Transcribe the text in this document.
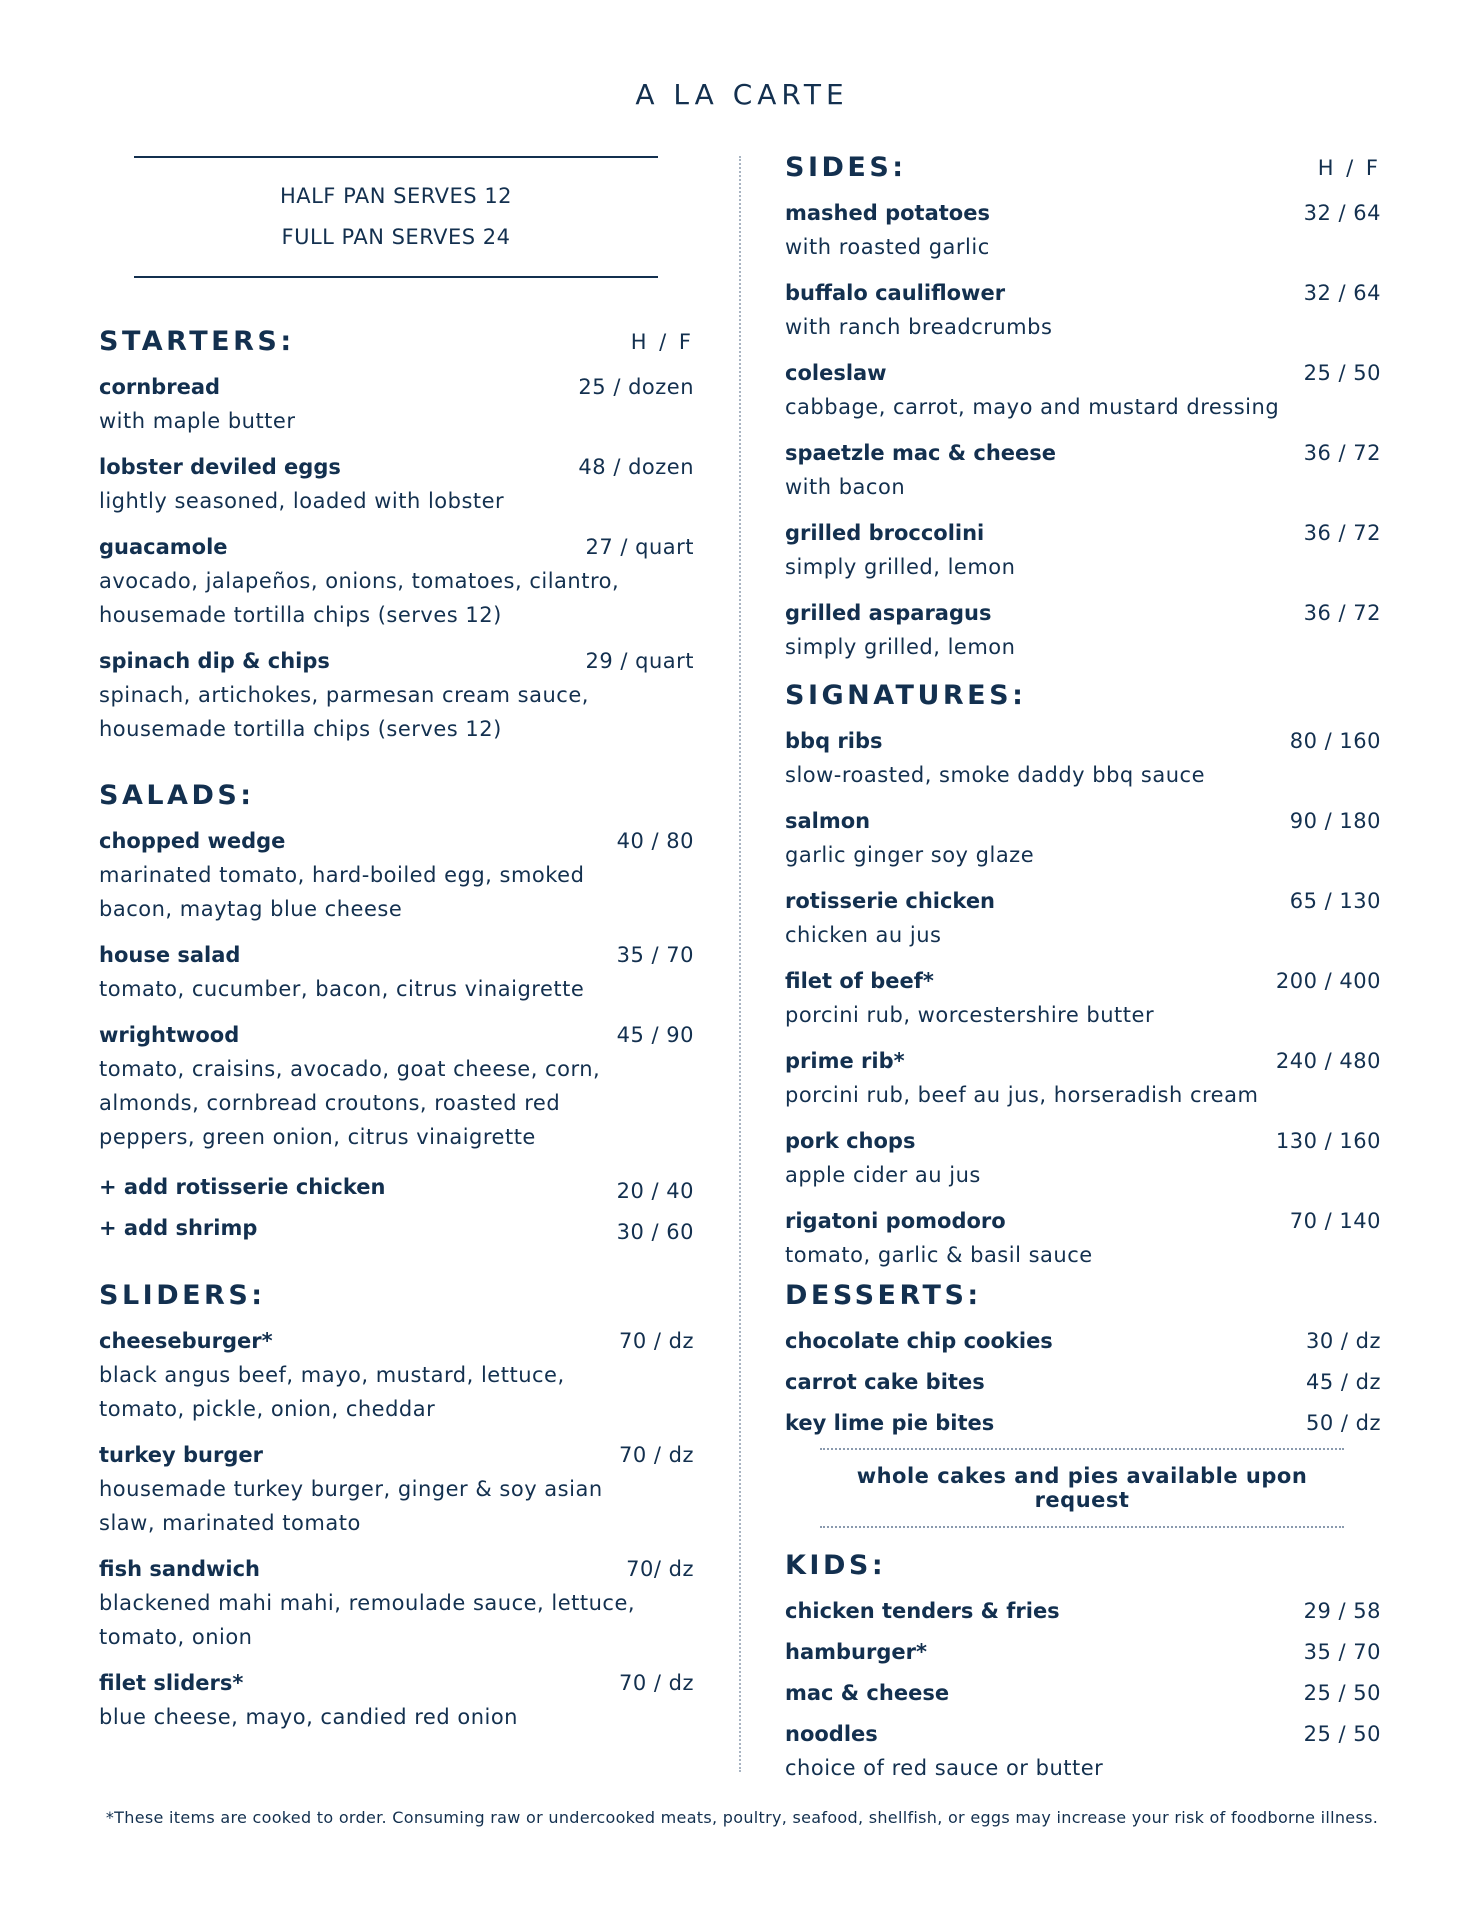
A LA CARTE
HALF PAN SERVES 12
FULL PAN SERVES 24
STARTERS:	H / F
cornbread	25 / dozen
with maple butter
lobster deviled eggs	48 / dozen
lightly seasoned, loaded with lobster
guacamole	27 / quart
avocado, jalapeños, onions, tomatoes, cilantro,
housemade tortilla chips (serves 12)
spinach dip & chips	29 / quart
spinach, artichokes, parmesan cream sauce,
housemade tortilla chips (serves 12)
SALADS:
chopped wedge	40 / 80
marinated tomato, hard-boiled egg, smoked
bacon, maytag blue cheese
house salad	35 / 70
tomato, cucumber, bacon, citrus vinaigrette
wrightwood	45 / 90
tomato, craisins, avocado, goat cheese, corn,
almonds, cornbread croutons, roasted red
peppers, green onion, citrus vinaigrette
+ add rotisserie chicken	20 / 40
+ add shrimp	30 / 60
SLIDERS:
cheeseburger*	70 / dz
black angus beef, mayo, mustard, lettuce,
tomato, pickle, onion, cheddar
turkey burger	70 / dz
housemade turkey burger, ginger & soy asian
slaw, marinated tomato
fish sandwich	70/ dz
blackened mahi mahi, remoulade sauce, lettuce,
tomato, onion
filet sliders*	70 / dz
blue cheese, mayo, candied red onion
SIDES:	H / F
mashed potatoes	32 / 64
with roasted garlic
buffalo cauliflower	32 / 64
with ranch breadcrumbs
coleslaw	25 / 50
cabbage, carrot, mayo and mustard dressing
spaetzle mac & cheese	36 / 72
with bacon
grilled broccolini	36 / 72
simply grilled, lemon
grilled asparagus	36 / 72
simply grilled, lemon
SIGNATURES:
bbq ribs	80 / 160
slow-roasted, smoke daddy bbq sauce
salmon	90 / 180
garlic ginger soy glaze
rotisserie chicken	65 / 130
chicken au jus
filet of beef*	200 / 400
porcini rub, worcestershire butter
prime rib*	240 / 480
porcini rub, beef au jus, horseradish cream
pork chops	130 / 160
apple cider au jus
rigatoni pomodoro	70 / 140
tomato, garlic & basil sauce
DESSERTS:
chocolate chip cookies	30 / dz
carrot cake bites	45 / dz
key lime pie bites	50 / dz
whole cakes and pies available upon request
KIDS:
chicken tenders & fries	29 / 58
hamburger*	35 / 70
mac & cheese	25 / 50
noodles	25 / 50
choice of red sauce or butter
*These items are cooked to order. Consuming raw or undercooked meats, poultry, seafood, shellfish, or eggs may increase your risk of foodborne illness.
